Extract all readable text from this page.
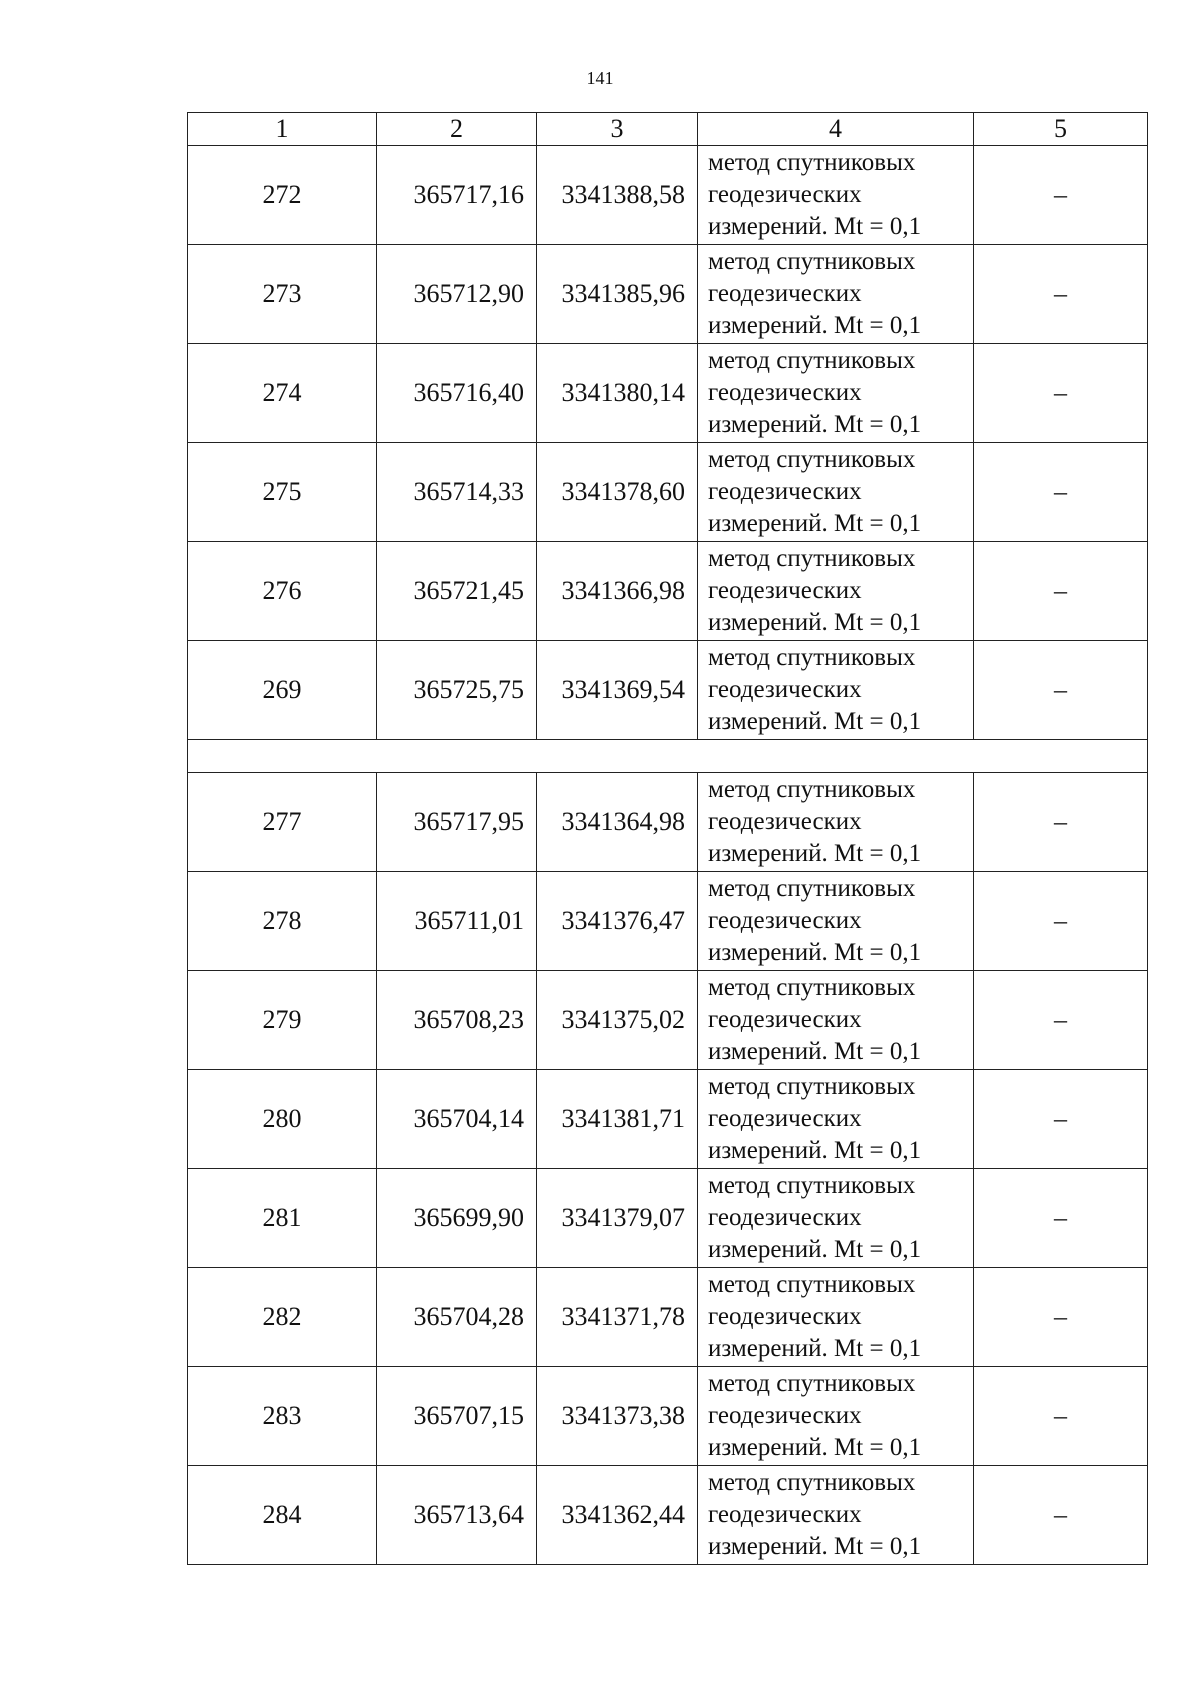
141
1	2	3	4	5
272	365717,16	3341388,58	метод спутниковых
геодезических
измерений. Mt = 0,1	–
273	365712,90	3341385,96	метод спутниковых
геодезических
измерений. Mt = 0,1	–
274	365716,40	3341380,14	метод спутниковых
геодезических
измерений. Mt = 0,1	–
275	365714,33	3341378,60	метод спутниковых
геодезических
измерений. Mt = 0,1	–
276	365721,45	3341366,98	метод спутниковых
геодезических
измерений. Mt = 0,1	–
269	365725,75	3341369,54	метод спутниковых
геодезических
измерений. Mt = 0,1	–

277	365717,95	3341364,98	метод спутниковых
геодезических
измерений. Mt = 0,1	–
278	365711,01	3341376,47	метод спутниковых
геодезических
измерений. Mt = 0,1	–
279	365708,23	3341375,02	метод спутниковых
геодезических
измерений. Mt = 0,1	–
280	365704,14	3341381,71	метод спутниковых
геодезических
измерений. Mt = 0,1	–
281	365699,90	3341379,07	метод спутниковых
геодезических
измерений. Mt = 0,1	–
282	365704,28	3341371,78	метод спутниковых
геодезических
измерений. Mt = 0,1	–
283	365707,15	3341373,38	метод спутниковых
геодезических
измерений. Mt = 0,1	–
284	365713,64	3341362,44	метод спутниковых
геодезических
измерений. Mt = 0,1	–
